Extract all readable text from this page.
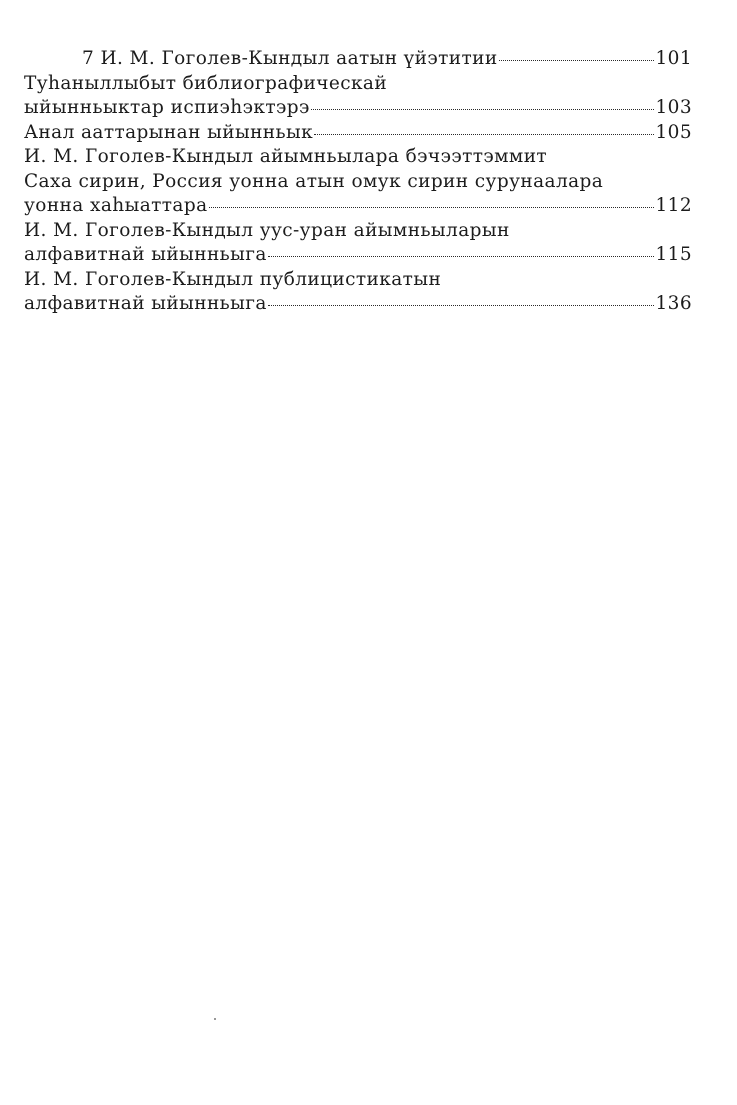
7 И. М. Гоголев-Кындыл аатын үйэтитии	101
Туһаныллыбыт библиографическай
ыйынньыктар испиэһэктэрэ	103
Анал ааттарынан ыйынньык	105
И. М. Гоголев-Кындыл айымньылара бэчээттэммит
Саха сирин, Россия уонна атын омук сирин сурунаалара
уонна хаһыаттара	112
И. М. Гоголев-Кындыл уус-уран айымньыларын
алфавитнай ыйынньыга	115
И. М. Гоголев-Кындыл публицистикатын
алфавитнай ыйынньыга	136
